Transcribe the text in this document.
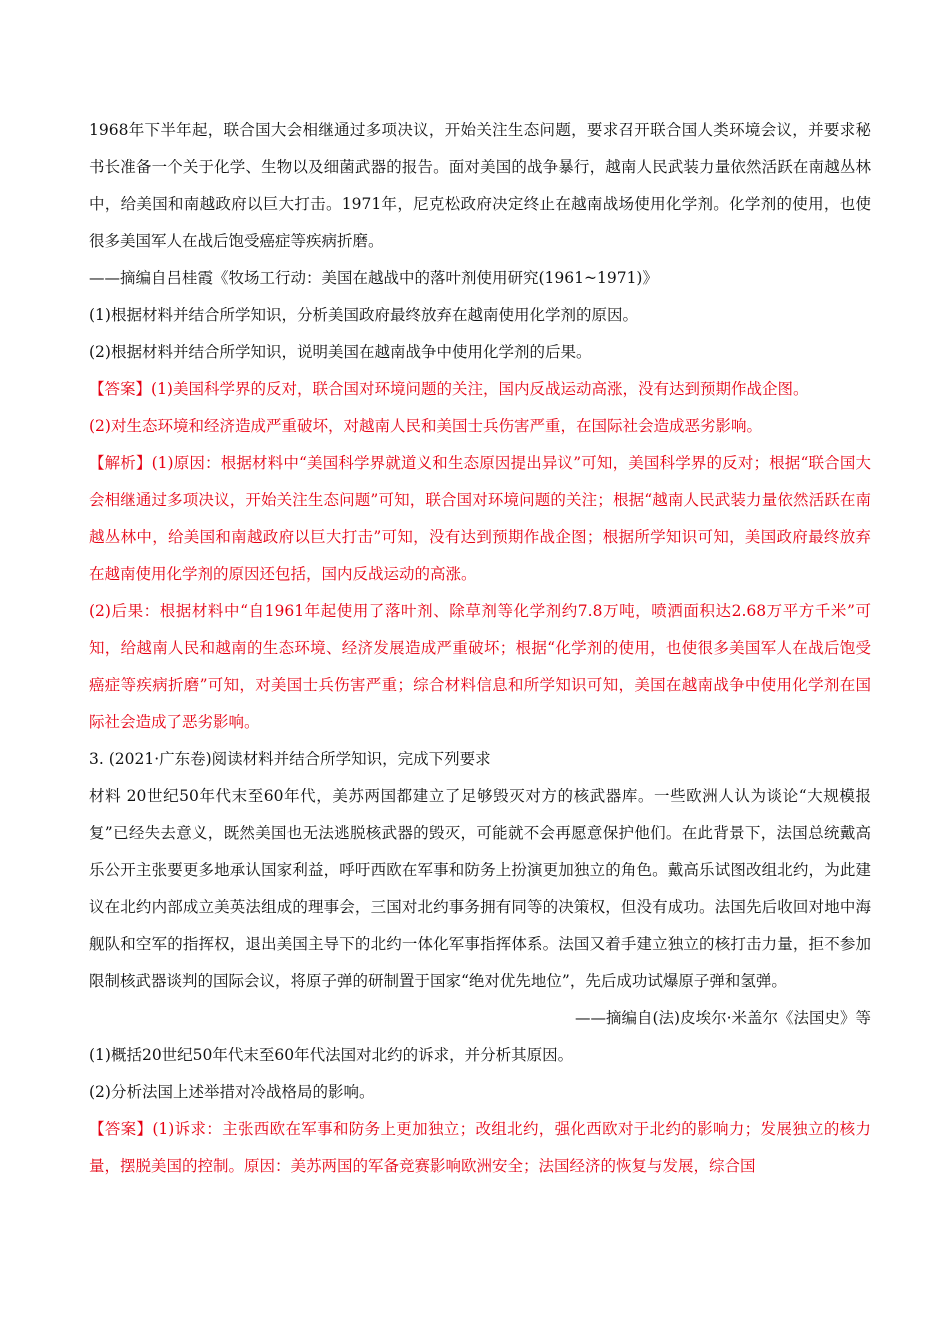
1968年下半年起，联合国大会相继通过多项决议，开始关注生态问题，要求召开联合国人类环境会议，并要求秘书长准备一个关于化学、生物以及细菌武器的报告。面对美国的战争暴行，越南人民武装力量依然活跃在南越丛林中，给美国和南越政府以巨大打击。1971年，尼克松政府决定终止在越南战场使用化学剂。化学剂的使用，也使很多美国军人在战后饱受癌症等疾病折磨。

——摘编自吕桂霞《牧场工行动：美国在越战中的落叶剂使用研究(1961~1971)》

(1)根据材料并结合所学知识，分析美国政府最终放弃在越南使用化学剂的原因。

(2)根据材料并结合所学知识，说明美国在越南战争中使用化学剂的后果。

【答案】(1)美国科学界的反对，联合国对环境问题的关注，国内反战运动高涨，没有达到预期作战企图。

(2)对生态环境和经济造成严重破坏，对越南人民和美国士兵伤害严重，在国际社会造成恶劣影响。

【解析】(1)原因：根据材料中“美国科学界就道义和生态原因提出异议”可知，美国科学界的反对；根据“联合国大会相继通过多项决议，开始关注生态问题”可知，联合国对环境问题的关注；根据“越南人民武装力量依然活跃在南越丛林中，给美国和南越政府以巨大打击”可知，没有达到预期作战企图；根据所学知识可知，美国政府最终放弃在越南使用化学剂的原因还包括，国内反战运动的高涨。

(2)后果：根据材料中“自1961年起使用了落叶剂、除草剂等化学剂约7.8万吨，喷洒面积达2.68万平方千米”可知，给越南人民和越南的生态环境、经济发展造成严重破坏；根据“化学剂的使用，也使很多美国军人在战后饱受癌症等疾病折磨”可知，对美国士兵伤害严重；综合材料信息和所学知识可知，美国在越南战争中使用化学剂在国际社会造成了恶劣影响。

3. (2021·广东卷)阅读材料并结合所学知识，完成下列要求

材料 20世纪50年代末至60年代，美苏两国都建立了足够毁灭对方的核武器库。一些欧洲人认为谈论“大规模报复”已经失去意义，既然美国也无法逃脱核武器的毁灭，可能就不会再愿意保护他们。在此背景下，法国总统戴高乐公开主张要更多地承认国家利益，呼吁西欧在军事和防务上扮演更加独立的角色。戴高乐试图改组北约，为此建议在北约内部成立美英法组成的理事会，三国对北约事务拥有同等的决策权，但没有成功。法国先后收回对地中海舰队和空军的指挥权，退出美国主导下的北约一体化军事指挥体系。法国又着手建立独立的核打击力量，拒不参加限制核武器谈判的国际会议，将原子弹的研制置于国家“绝对优先地位”，先后成功试爆原子弹和氢弹。

——摘编自(法)皮埃尔·米盖尔《法国史》等

(1)概括20世纪50年代末至60年代法国对北约的诉求，并分析其原因。

(2)分析法国上述举措对冷战格局的影响。

【答案】(1)诉求：主张西欧在军事和防务上更加独立；改组北约，强化西欧对于北约的影响力；发展独立的核力量，摆脱美国的控制。原因：美苏两国的军备竞赛影响欧洲安全；法国经济的恢复与发展，综合国
